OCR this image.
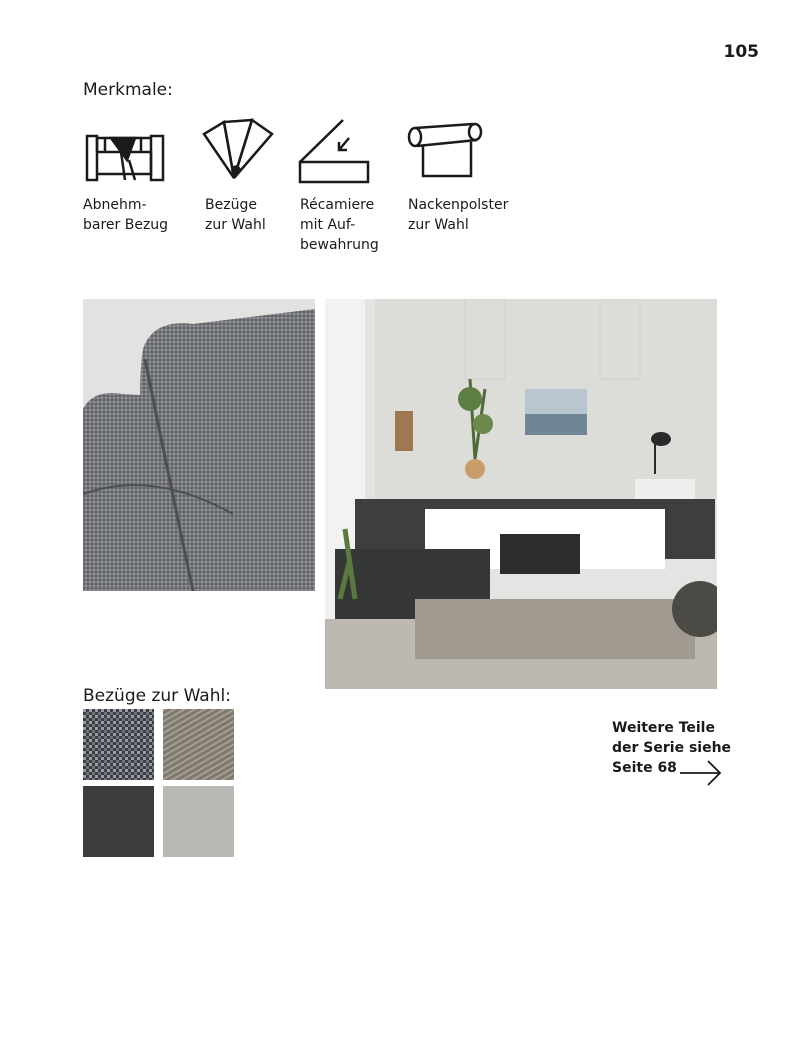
105
Merkmale:
Abnehm-
barer Bezug
Bezüge
zur Wahl
Récamiere
mit Auf-
bewahrung
Nackenpolster
zur Wahl
Bezüge zur Wahl:
Weitere Teile
der Serie siehe
Seite 68
